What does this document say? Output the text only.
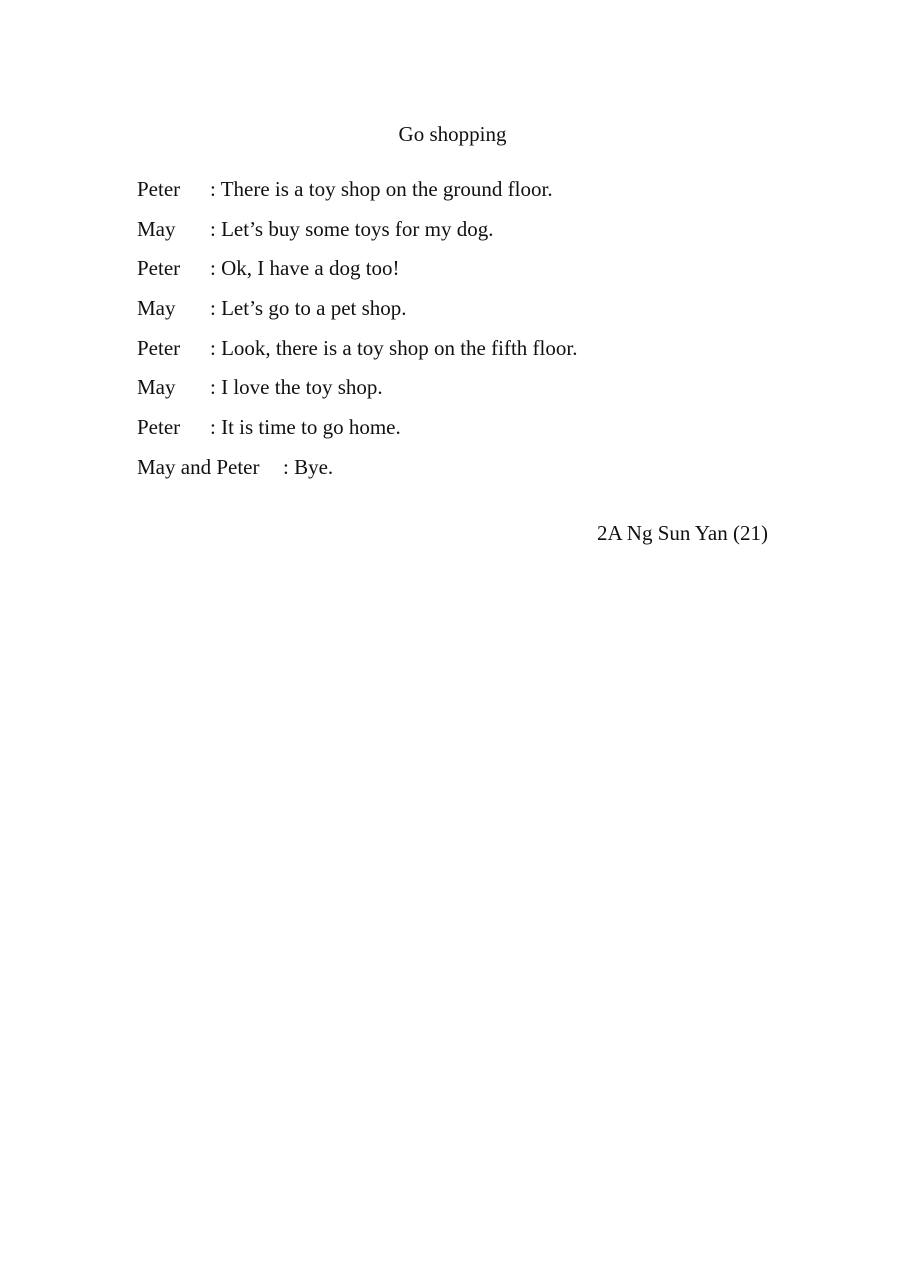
Go shopping
Peter : There is a toy shop on the ground floor.
May : Let’s buy some toys for my dog.
Peter : Ok, I have a dog too!
May : Let’s go to a pet shop.
Peter : Look, there is a toy shop on the fifth floor.
May : I love the toy shop.
Peter : It is time to go home.
May and Peter : Bye.
2A Ng Sun Yan (21)
